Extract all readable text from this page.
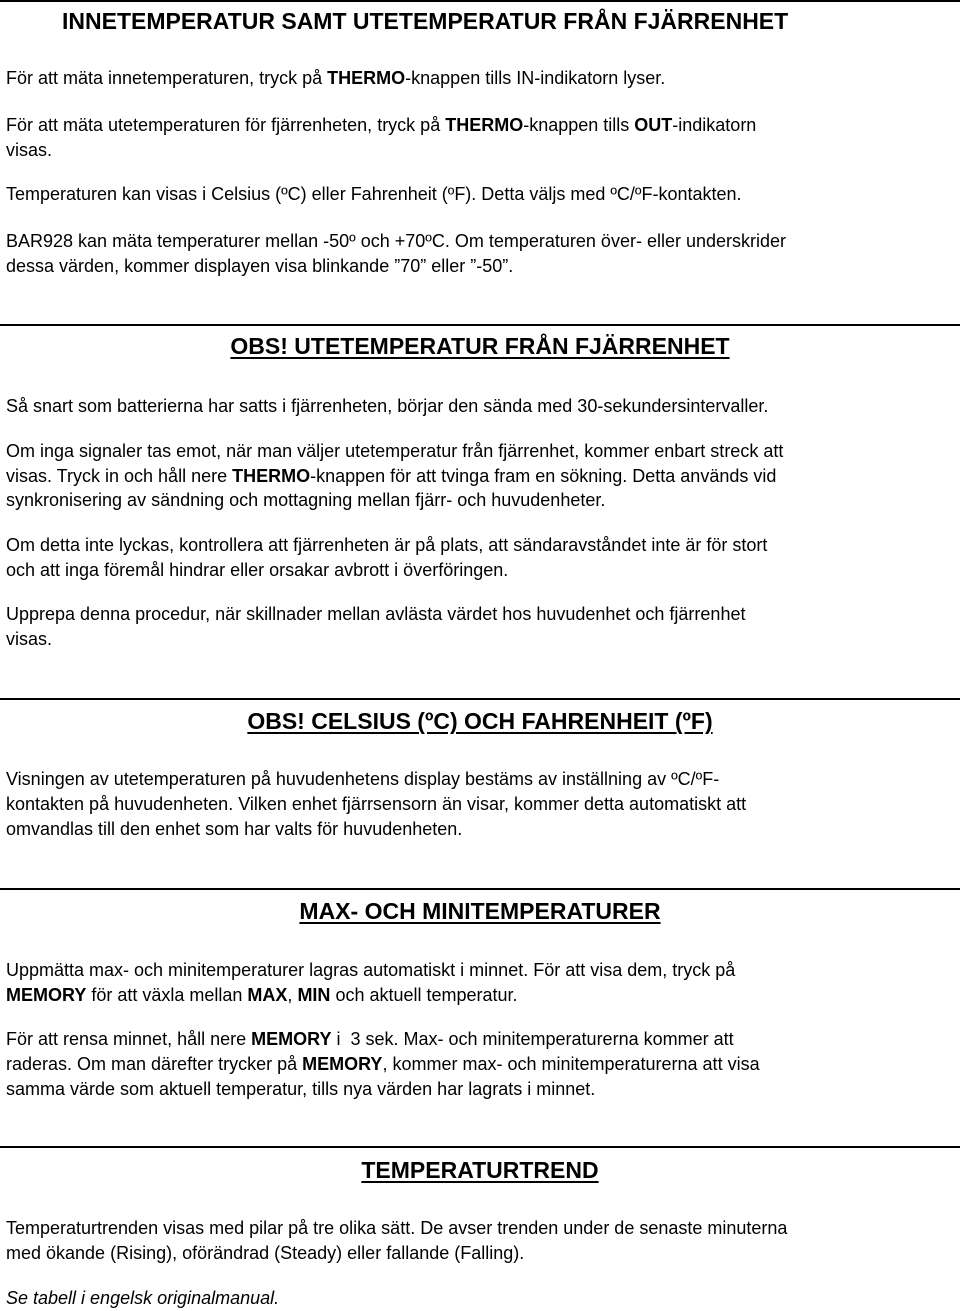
INNETEMPERATUR SAMT UTETEMPERATUR FRÅN FJÄRRENHET
För att mäta innetemperaturen, tryck på THERMO-knappen tills IN-indikatorn lyser.
För att mäta utetemperaturen för fjärrenheten, tryck på THERMO-knappen tills OUT-indikatorn
visas.
Temperaturen kan visas i Celsius (ºC) eller Fahrenheit (ºF). Detta väljs med ºC/ºF-kontakten.
BAR928 kan mäta temperaturer mellan -50º och +70ºC. Om temperaturen över- eller underskrider
dessa värden, kommer displayen visa blinkande ”70” eller ”-50”.
OBS! UTETEMPERATUR FRÅN FJÄRRENHET
Så snart som batterierna har satts i fjärrenheten, börjar den sända med 30-sekundersintervaller.
Om inga signaler tas emot, när man väljer utetemperatur från fjärrenhet, kommer enbart streck att
visas. Tryck in och håll nere THERMO-knappen för att tvinga fram en sökning. Detta används vid
synkronisering av sändning och mottagning mellan fjärr- och huvudenheter.
Om detta inte lyckas, kontrollera att fjärrenheten är på plats, att sändaravståndet inte är för stort
och att inga föremål hindrar eller orsakar avbrott i överföringen.
Upprepa denna procedur, när skillnader mellan avlästa värdet hos huvudenhet och fjärrenhet
visas.
OBS! CELSIUS (ºC) OCH FAHRENHEIT (ºF)
Visningen av utetemperaturen på huvudenhetens display bestäms av inställning av ºC/ºF-
kontakten på huvudenheten. Vilken enhet fjärrsensorn än visar, kommer detta automatiskt att
omvandlas till den enhet som har valts för huvudenheten.
MAX- OCH MINITEMPERATURER
Uppmätta max- och minitemperaturer lagras automatiskt i minnet. För att visa dem, tryck på
MEMORY för att växla mellan MAX, MIN och aktuell temperatur.
För att rensa minnet, håll nere MEMORY i  3 sek. Max- och minitemperaturerna kommer att
raderas. Om man därefter trycker på MEMORY, kommer max- och minitemperaturerna att visa
samma värde som aktuell temperatur, tills nya värden har lagrats i minnet.
TEMPERATURTREND
Temperaturtrenden visas med pilar på tre olika sätt. De avser trenden under de senaste minuterna
med ökande (Rising), oförändrad (Steady) eller fallande (Falling).
Se tabell i engelsk originalmanual.
